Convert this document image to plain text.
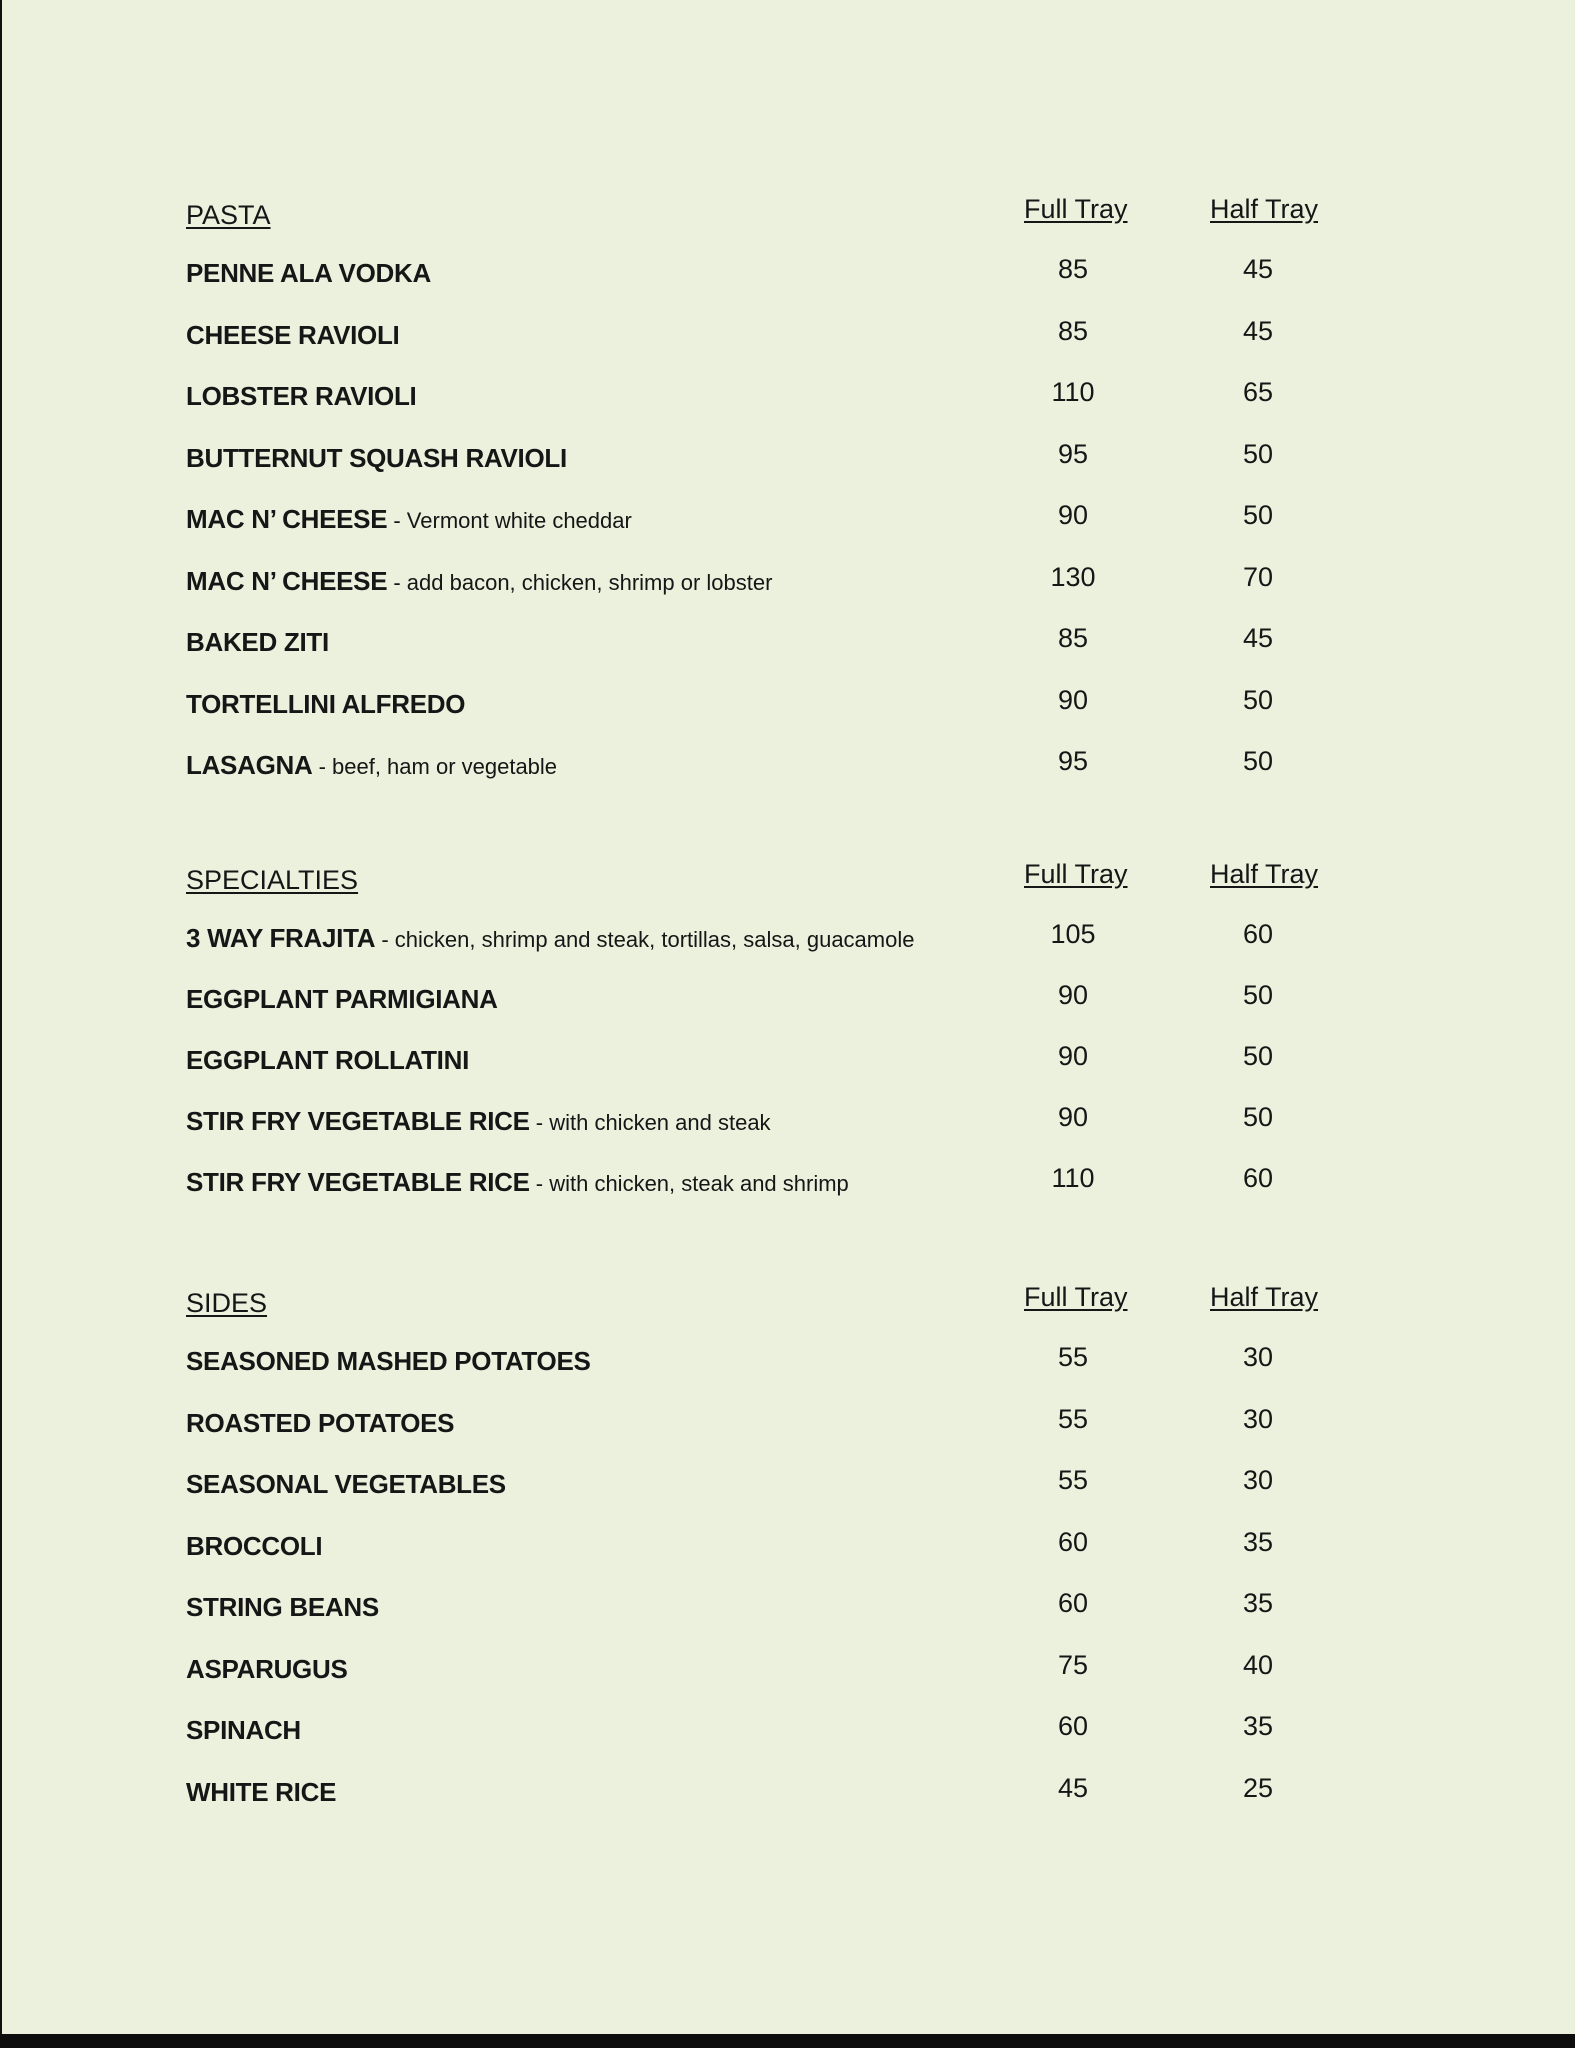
PASTA	Full Tray	Half Tray
PENNE ALA VODKA	85	45
CHEESE RAVIOLI	85	45
LOBSTER RAVIOLI	110	65
BUTTERNUT SQUASH RAVIOLI	95	50
MAC N’ CHEESE - Vermont white cheddar	90	50
MAC N’ CHEESE - add bacon, chicken, shrimp or lobster	130	70
BAKED ZITI	85	45
TORTELLINI ALFREDO	90	50
LASAGNA - beef, ham or vegetable	95	50
SPECIALTIES	Full Tray	Half Tray
3 WAY FRAJITA - chicken, shrimp and steak, tortillas, salsa, guacamole	105	60
EGGPLANT PARMIGIANA	90	50
EGGPLANT ROLLATINI	90	50
STIR FRY VEGETABLE RICE - with chicken and steak	90	50
STIR FRY VEGETABLE RICE - with chicken, steak and shrimp	110	60
SIDES	Full Tray	Half Tray
SEASONED MASHED POTATOES	55	30
ROASTED POTATOES	55	30
SEASONAL VEGETABLES	55	30
BROCCOLI	60	35
STRING BEANS	60	35
ASPARUGUS	75	40
SPINACH	60	35
WHITE RICE	45	25
